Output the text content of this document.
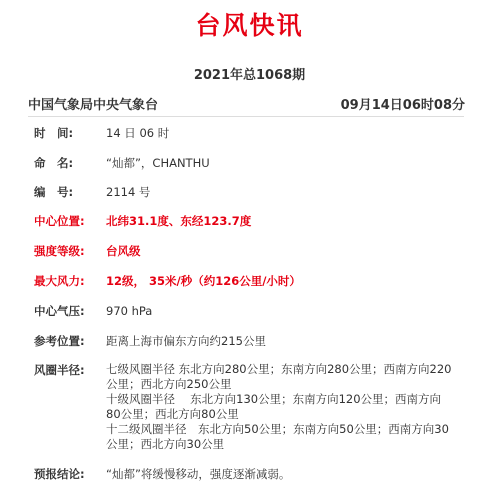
台风快讯
2021年总1068期
中国气象局中央气象台	09月14日06时08分
时　间:	14 日 06 时
命　名:	“灿都”，CHANTHU
编　号:	2114 号
中心位置:	北纬31.1度、东经123.7度
强度等级:	台风级
最大风力:	12级， 35米/秒（约126公里/小时）
中心气压:	970 hPa
参考位置:	距离上海市偏东方向约215公里
风圈半径:	七级风圈半径 东北方向280公里；东南方向280公里；西南方向220
公里；西北方向250公里
十级风圈半径　 东北方向130公里；东南方向120公里；西南方向
80公里；西北方向80公里
十二级风圈半径　东北方向50公里；东南方向50公里；西南方向30
公里；西北方向30公里
预报结论:	“灿都”将缓慢移动，强度逐渐减弱。
